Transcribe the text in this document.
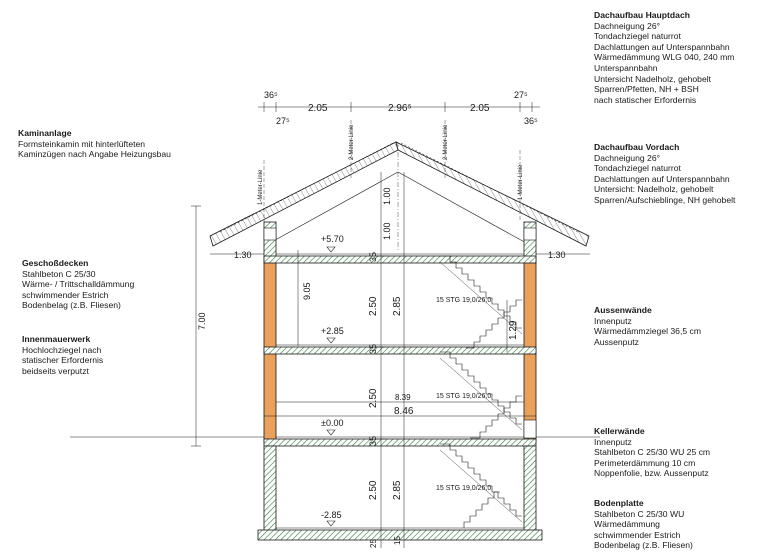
1-Meter-Linie
2-Meter-Linie	2-Meter-Linie
1-Meter-Linie
36⁵
27⁵
2.05	2.96⁵	2.05
27⁵
36⁵
1.30	1.30
7.00
9.05
1.00
1.00
35
2.50 2.85
35
2.50
35
2.50 2.85
15
25
1.29
8.39
8.46
15 STG 19,0/26,0
15 STG 19,0/26,0
15 STG 19,0/26,0
+5.70
+2.85
±0.00
-2.85
Kaminanlage
Formsteinkamin mit hinterlüfteten
Kaminzügen nach Angabe Heizungsbau
Geschoßdecken
Stahlbeton C 25/30
Wärme- / Trittschalldämmung
schwimmender Estrich
Bodenbelag (z.B. Fliesen)
Innenmauerwerk
Hochlochziegel nach
statischer Erfordernis
beidseits verputzt
Dachaufbau Hauptdach
Dachneigung 26°
Tondachziegel naturrot
Dachlattungen auf Unterspannbahn
Wärmedämmung WLG 040, 240 mm
Unterspannbahn
Untersicht Nadelholz, gehobelt
Sparren/Pfetten, NH + BSH
nach statischer Erfordernis
Dachaufbau Vordach
Dachneigung 26°
Tondachziegel naturrot
Dachlattungen auf Unterspannbahn
Untersicht: Nadelholz, gehobelt
Sparren/Aufschieblinge, NH gehobelt
Aussenwände
Innenputz
Wärmedämmziegel 36,5 cm
Aussenputz
Kellerwände
Innenputz
Stahlbeton C 25/30 WU 25 cm
Perimeterdämmung 10 cm
Noppenfolie, bzw. Aussenputz
Bodenplatte
Stahlbeton C 25/30 WU
Wärmedämmung
schwimmender Estrich
Bodenbelag (z.B. Fliesen)
